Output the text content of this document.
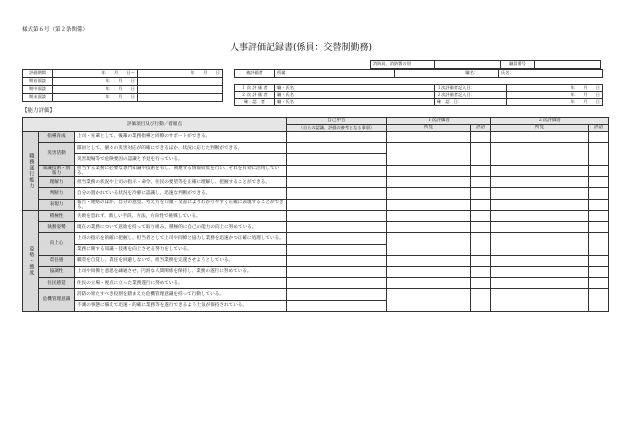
様式第６号（第２条関係）
人事評価記録書(係員：交替制勤務)
消防局、消防署の別		職員番号	
評価期間	年　　月　　日～	年　　月　　日
期首面談	年　　月　　日	
期中面談	年　　月　　日	
期末面談	年　　月　　日	
被評価者	所属：	職名：	氏名：
１ 次 評 価 者	職・氏名	１次評価者記入日：	年　　月　　日
２ 次 評 価 者	職・氏名	２次評価者記入日：	年　　月　　日
確　認　者	職・氏名	確　認　日：	年　　月　　日
【能力評価】
評価項目及び行動／着眼点			自己申告	１次評価者		２次評価者	
			（自らの認識、評価の参考となる事項）	所見	評語	所見	評語
職務遂行能力	指導育成	上司・先輩として、後輩の業務指導と同僚のサポートができる。					
	災害活動	隊員として、個々の災害対応が的確にできるほか、状況に応じた判断ができる。					
		災害現場等で危険要因の認識と予見を行っている。					
	知識技術・情報力	担当する業務に必要な専門知識や技術を有し、関連する情報収集を行い、それを有効に活用している。					
	理解力	担当業務の状況や上司の指示・命令、住民の要望等を正確に理解し、把握することができる。					
	判断力	自分の置かれている状況を冷静に認識し、迅速な判断ができる。					
	表現力	報告・連絡のほか、自分の意見、考え方を口頭・文書によりわかりやすく正確に表現することができる。					
姿勢・態度	積極性	失敗を恐れず、新しい手段、方法、方向性で挑戦している。					
	執務姿勢	現在の業務について意欲を持って取り組み、積極的に自己の能力の向上に努めている。					
	向上心	上司の指示を的確に把握し、担当者として上司や同僚と協力し業務を迅速かつ正確に処理している。					
		業務に関する知識・技術を向上させる努力をしている。					
	責任感	職責を自覚し、責任を回避しないで、担当業務を完遂させようとしている。					
	協調性	上司や同僚と意思を疎通させ、円滑な人間関係を保持し、業務の遂行に努めている。					
	住民感覚	住民の立場・視点に立った業務遂行に努めている。					
	危機管理意識	消防の果たすべき役割を踏まえた危機管理意識を持って行動している。					
		不測の事態に備えて迅速・的確に業務等を遂行できるよう士気が保持されている。					
